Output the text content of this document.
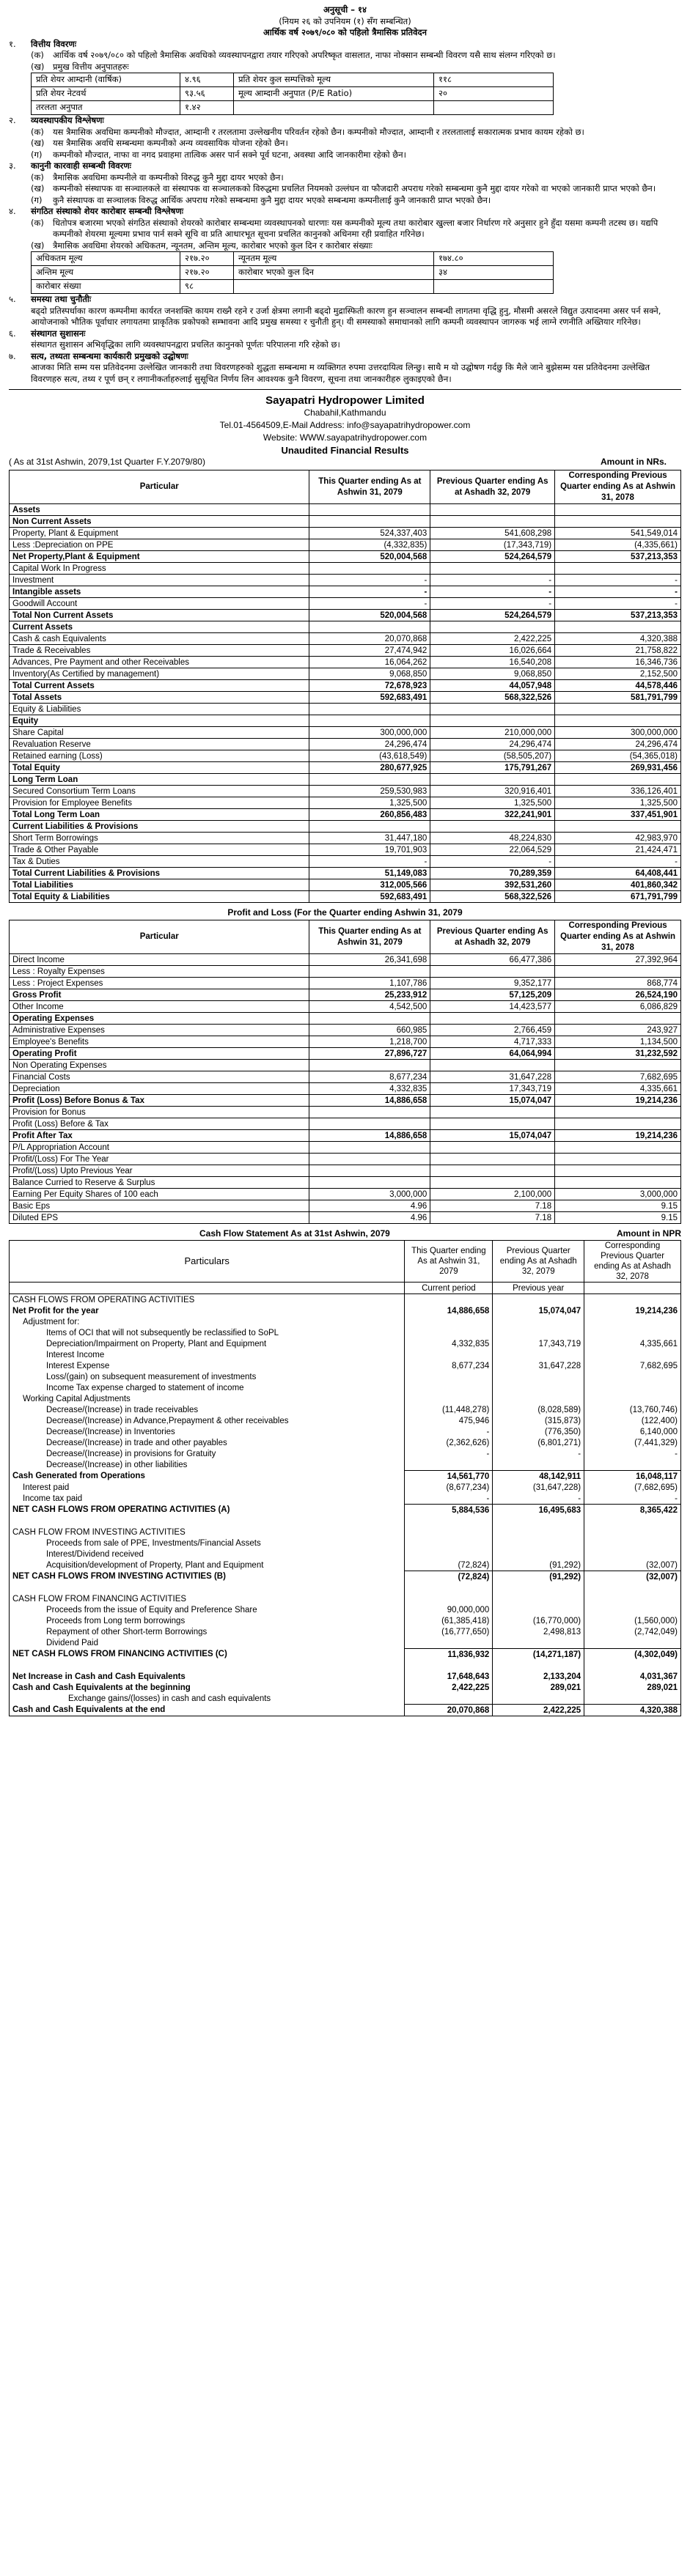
अनुसूची – १४
(नियम २६ को उपनियम (१) सँग सम्बन्धित)
आर्थिक वर्ष २०७९/०८० को पहिलो त्रैमासिक प्रतिवेदन
१.	वित्तीय विवरणः
(क)	आर्थिक वर्ष २०७९/०८० को पहिलो त्रैमासिक अवधिको व्यवस्थापनद्वारा तयार गरिएको अपरिष्कृत वासलात, नाफा नोक्सान सम्बन्धी विवरण यसै साथ संलग्न गरिएको छ।
(ख)	प्रमुख वित्तीय अनुपातहरुः
प्रति शेयर आम्दानी (वार्षिक)	४.९६	प्रति शेयर कुल सम्पत्तिको मूल्य	११८
प्रति शेयर नेटवर्थ	९३.५६	मूल्य आम्दानी अनुपात (P/E Ratio)	२०
तरलता अनुपात	१.४२		
२.	व्यवस्थापकीय विश्लेषणः
(क)	यस त्रैमासिक अवधिमा कम्पनीको मौज्दात, आम्दानी र तरलतामा उल्लेखनीय परिवर्तन रहेको छैन। कम्पनीको मौज्दात, आम्दानी र तरलतालाई सकारात्मक प्रभाव कायम रहेको छ।
(ख)	यस त्रैमासिक अवधि सम्बन्धमा कम्पनीको अन्य व्यवसायिक योजना रहेको छैन।
(ग)	कम्पनीको मौज्दात, नाफा वा नगद प्रवाहमा तात्विक असर पार्न सक्ने पूर्व घटना, अवस्था आदि जानकारीमा रहेको छैन।
३.	कानुनी कारवाही सम्बन्धी विवरणः
(क)	त्रैमासिक अवधिमा कम्पनीले वा कम्पनीको विरुद्ध कुनै मुद्दा दायर भएको छैन।
(ख)	कम्पनीको संस्थापक वा सञ्चालकले वा संस्थापक वा सञ्चालकको विरुद्धमा प्रचलित नियमको उल्लंघन वा फौजदारी अपराध गरेको सम्बन्धमा कुनै मुद्दा दायर गरेको वा भएको जानकारी प्राप्त भएको छैन।
(ग)	कुनै संस्थापक वा सञ्चालक विरुद्ध आर्थिक अपराध गरेको सम्बन्धमा कुनै मुद्दा दायर भएको सम्बन्धमा कम्पनीलाई कुनै जानकारी प्राप्त भएको छैन।
४.	संगठित संस्थाको शेयर कारोबार सम्बन्धी विश्लेषणः
(क)	धितोपत्र बजारमा भएको संगठित संस्थाको शेयरको कारोबार सम्बन्धमा व्यवस्थापनको धारणाः यस कम्पनीको मूल्य तथा कारोबार खुल्ला बजार निर्धारण गरे अनुसार हुने हुँदा यसमा कम्पनी तटस्थ छ। यद्यपि कम्पनीको शेयरमा मूल्यमा प्रभाव पार्न सक्ने सूचि वा प्रति आधारभूत सूचना प्रचलित कानुनको अधिनमा रही प्रवाहित गरिनेछ।
(ख)	त्रैमासिक अवधिमा शेयरको अधिकतम, न्यूनतम, अन्तिम मूल्य, कारोबार भएको कुल दिन र कारोबार संख्याः
अधिकतम मूल्य	२१७.२०	न्यूनतम मूल्य	१७४.८०
अन्तिम मूल्य	२१७.२०	कारोबार भएको कुल दिन	३४
कारोबार संख्या	९८		
५.	समस्या तथा चुनौतीः
बढ्दो प्रतिस्पर्धाका कारण कम्पनीमा कार्यरत जनशक्ति कायम राख्नै रहने र उर्जा क्षेत्रमा लगानी बढ्दो मुद्रास्फिती कारण हुन सञ्चालन सम्बन्धी लागतमा वृद्धि हुनु, मौसमी असरले विद्युत उत्पादनमा असर पर्न सक्ने, आयोजनाको भौतिक पूर्वाधार लगायतमा प्राकृतिक प्रकोपको सम्भावना आदि प्रमुख समस्या र चुनौती हुन्। यी समस्याको समाधानको लागि कम्पनी व्यवस्थापन जागरुक भई लाग्ने रणनीति अख्तियार गरिनेछ।
६.	संस्थागत सुशासनः
संस्थागत सुशासन अभिवृद्धिका लागि व्यवस्थापनद्वारा प्रचलित कानुनको पूर्णतः परिपालना गरि रहेको छ।
७.	सत्य, तथ्यता सम्बन्धमा कार्यकारी प्रमुखको उद्घोषणः
आजका मिति सम्म यस प्रतिवेदनमा उल्लेखित जानकारी तथा विवरणहरुको शुद्धता सम्बन्धमा म व्यक्तिगत रुपमा उत्तरदायित्व लिन्छु। साथै म यो उद्घोषण गर्दछु कि मैले जाने बुझेसम्म यस प्रतिवेदनमा उल्लेखित विवरणहरु सत्य, तथ्य र पूर्ण छन् र लगानीकर्ताहरुलाई सुसूचित निर्णय लिन आवश्यक कुनै विवरण, सूचना तथा जानकारीहरु लुकाइएको छैन।
Sayapatri Hydropower Limited
Chabahil,Kathmandu
Tel.01-4564509,E-Mail Address: info@sayapatrihydropower.com
Website: WWW.sayapatrihydropower.com
Unaudited Financial Results
( As at 31st Ashwin, 2079,1st Quarter F.Y.2079/80)	Amount in NRs.
Particular	This Quarter ending As at Ashwin 31, 2079	Previous Quarter ending As at Ashadh 32, 2079	Corresponding Previous Quarter ending As at Ashwin 31, 2078
Assets			
Non Current Assets			
Property, Plant & Equipment	524,337,403	541,608,298	541,549,014
Less :Depreciation on PPE	(4,332,835)	(17,343,719)	(4,335,661)
Net Property,Plant & Equipment	520,004,568	524,264,579	537,213,353
Capital Work In Progress			
Investment	-	-	-
Intangible assets	-	-	-
Goodwill Account	-	-	-
Total Non Current Assets	520,004,568	524,264,579	537,213,353
Current Assets			
Cash & cash Equivalents	20,070,868	2,422,225	4,320,388
Trade & Receivables	27,474,942	16,026,664	21,758,822
Advances, Pre Payment and other Receivables	16,064,262	16,540,208	16,346,736
Inventory(As Certified by management)	9,068,850	9,068,850	2,152,500
Total Current Assets	72,678,923	44,057,948	44,578,446
Total Assets	592,683,491	568,322,526	581,791,799
Equity & Liabilities			
Equity			
Share Capital	300,000,000	210,000,000	300,000,000
Revaluation Reserve	24,296,474	24,296,474	24,296,474
Retained earning (Loss)	(43,618,549)	(58,505,207)	(54,365,018)
Total Equity	280,677,925	175,791,267	269,931,456
Long Term Loan			
Secured Consortium Term Loans	259,530,983	320,916,401	336,126,401
Provision for Employee Benefits	1,325,500	1,325,500	1,325,500
Total Long Term Loan	260,856,483	322,241,901	337,451,901
Current Liabilities & Provisions			
Short Term Borrowings	31,447,180	48,224,830	42,983,970
Trade & Other Payable	19,701,903	22,064,529	21,424,471
Tax & Duties	-	-	-
Total Current Liabilities & Provisions	51,149,083	70,289,359	64,408,441
Total Liabilities	312,005,566	392,531,260	401,860,342
Total Equity & Liabilities	592,683,491	568,322,526	671,791,799
Profit and Loss (For the Quarter ending Ashwin 31, 2079
Particular	This Quarter ending As at Ashwin 31, 2079	Previous Quarter ending As at Ashadh 32, 2079	Corresponding Previous Quarter ending As at Ashwin 31, 2078
Direct Income	26,341,698	66,477,386	27,392,964
Less : Royalty Expenses			
Less : Project Expenses	1,107,786	9,352,177	868,774
Gross Profit	25,233,912	57,125,209	26,524,190
Other Income	4,542,500	14,423,577	6,086,829
Operating Expenses			
Administrative Expenses	660,985	2,766,459	243,927
Employee's Benefits	1,218,700	4,717,333	1,134,500
Operating Profit	27,896,727	64,064,994	31,232,592
Non Operating Expenses			
Financial Costs	8,677,234	31,647,228	7,682,695
Depreciation	4,332,835	17,343,719	4,335,661
Profit (Loss) Before Bonus & Tax	14,886,658	15,074,047	19,214,236
Provision for Bonus			
Profit (Loss) Before & Tax			
Profit After Tax	14,886,658	15,074,047	19,214,236
P/L Appropriation Account			
Profit/(Loss) For The Year			
Profit/(Loss) Upto Previous Year			
Balance Curried to Reserve & Surplus			
Earning Per Equity Shares of 100 each	3,000,000	2,100,000	3,000,000
Basic Eps	4.96	7.18	9.15
Diluted EPS	4.96	7.18	9.15
Cash Flow Statement As at 31st Ashwin, 2079	Amount in NPR
Particulars	This Quarter ending As at Ashwin 31, 2079	Previous Quarter ending As at Ashadh 32, 2079	Corresponding Previous Quarter ending As at Ashadh 32, 2078
	Current period	Previous year	
CASH FLOWS FROM OPERATING ACTIVITIES			
Net Profit for the year	14,886,658	15,074,047	19,214,236
Adjustment for:			
Items of OCI that will not subsequently be reclassified to SoPL			
Depreciation/Impairment on Property, Plant and Equipment	4,332,835	17,343,719	4,335,661
Interest Income			
Interest Expense	8,677,234	31,647,228	7,682,695
Loss/(gain) on subsequent measurement of investments			
Income Tax expense charged to statement of income			
Working Capital Adjustments			
Decrease/(Increase) in trade receivables	(11,448,278)	(8,028,589)	(13,760,746)
Decrease/(Increase) in Advance,Prepayment & other receivables	475,946	(315,873)	(122,400)
Decrease/(Increase) in Inventories	-	(776,350)	6,140,000
Decrease/(Increase) in trade and other payables	(2,362,626)	(6,801,271)	(7,441,329)
Decrease/(Increase) in provisions for Gratuity	-	-	-
Decrease/(Increase) in other liabilities			
Cash Generated from Operations	14,561,770	48,142,911	16,048,117
Interest paid	(8,677,234)	(31,647,228)	(7,682,695)
Income tax paid	-	-	-
NET CASH FLOWS FROM OPERATING ACTIVITIES (A)	5,884,536	16,495,683	8,365,422

CASH FLOW FROM INVESTING ACTIVITIES			
Proceeds from sale of PPE, Investments/Financial Assets			
Interest/Dividend received			
Acquisition/development of Property, Plant and Equipment	(72,824)	(91,292)	(32,007)
NET CASH FLOWS FROM INVESTING ACTIVITIES (B)	(72,824)	(91,292)	(32,007)

CASH FLOW FROM FINANCING ACTIVITIES			
Proceeds from the issue of Equity and Preference Share	90,000,000		
Proceeds from Long term borrowings	(61,385,418)	(16,770,000)	(1,560,000)
Repayment of other Short-term Borrowings	(16,777,650)	2,498,813	(2,742,049)
Dividend Paid			
NET CASH FLOWS FROM FINANCING ACTIVITIES (C)	11,836,932	(14,271,187)	(4,302,049)

Net Increase in Cash and Cash Equivalents	17,648,643	2,133,204	4,031,367
Cash and Cash Equivalents at the beginning	2,422,225	289,021	289,021
Exchange gains/(losses) in cash and cash equivalents			
Cash and Cash Equivalents at the end	20,070,868	2,422,225	4,320,388
